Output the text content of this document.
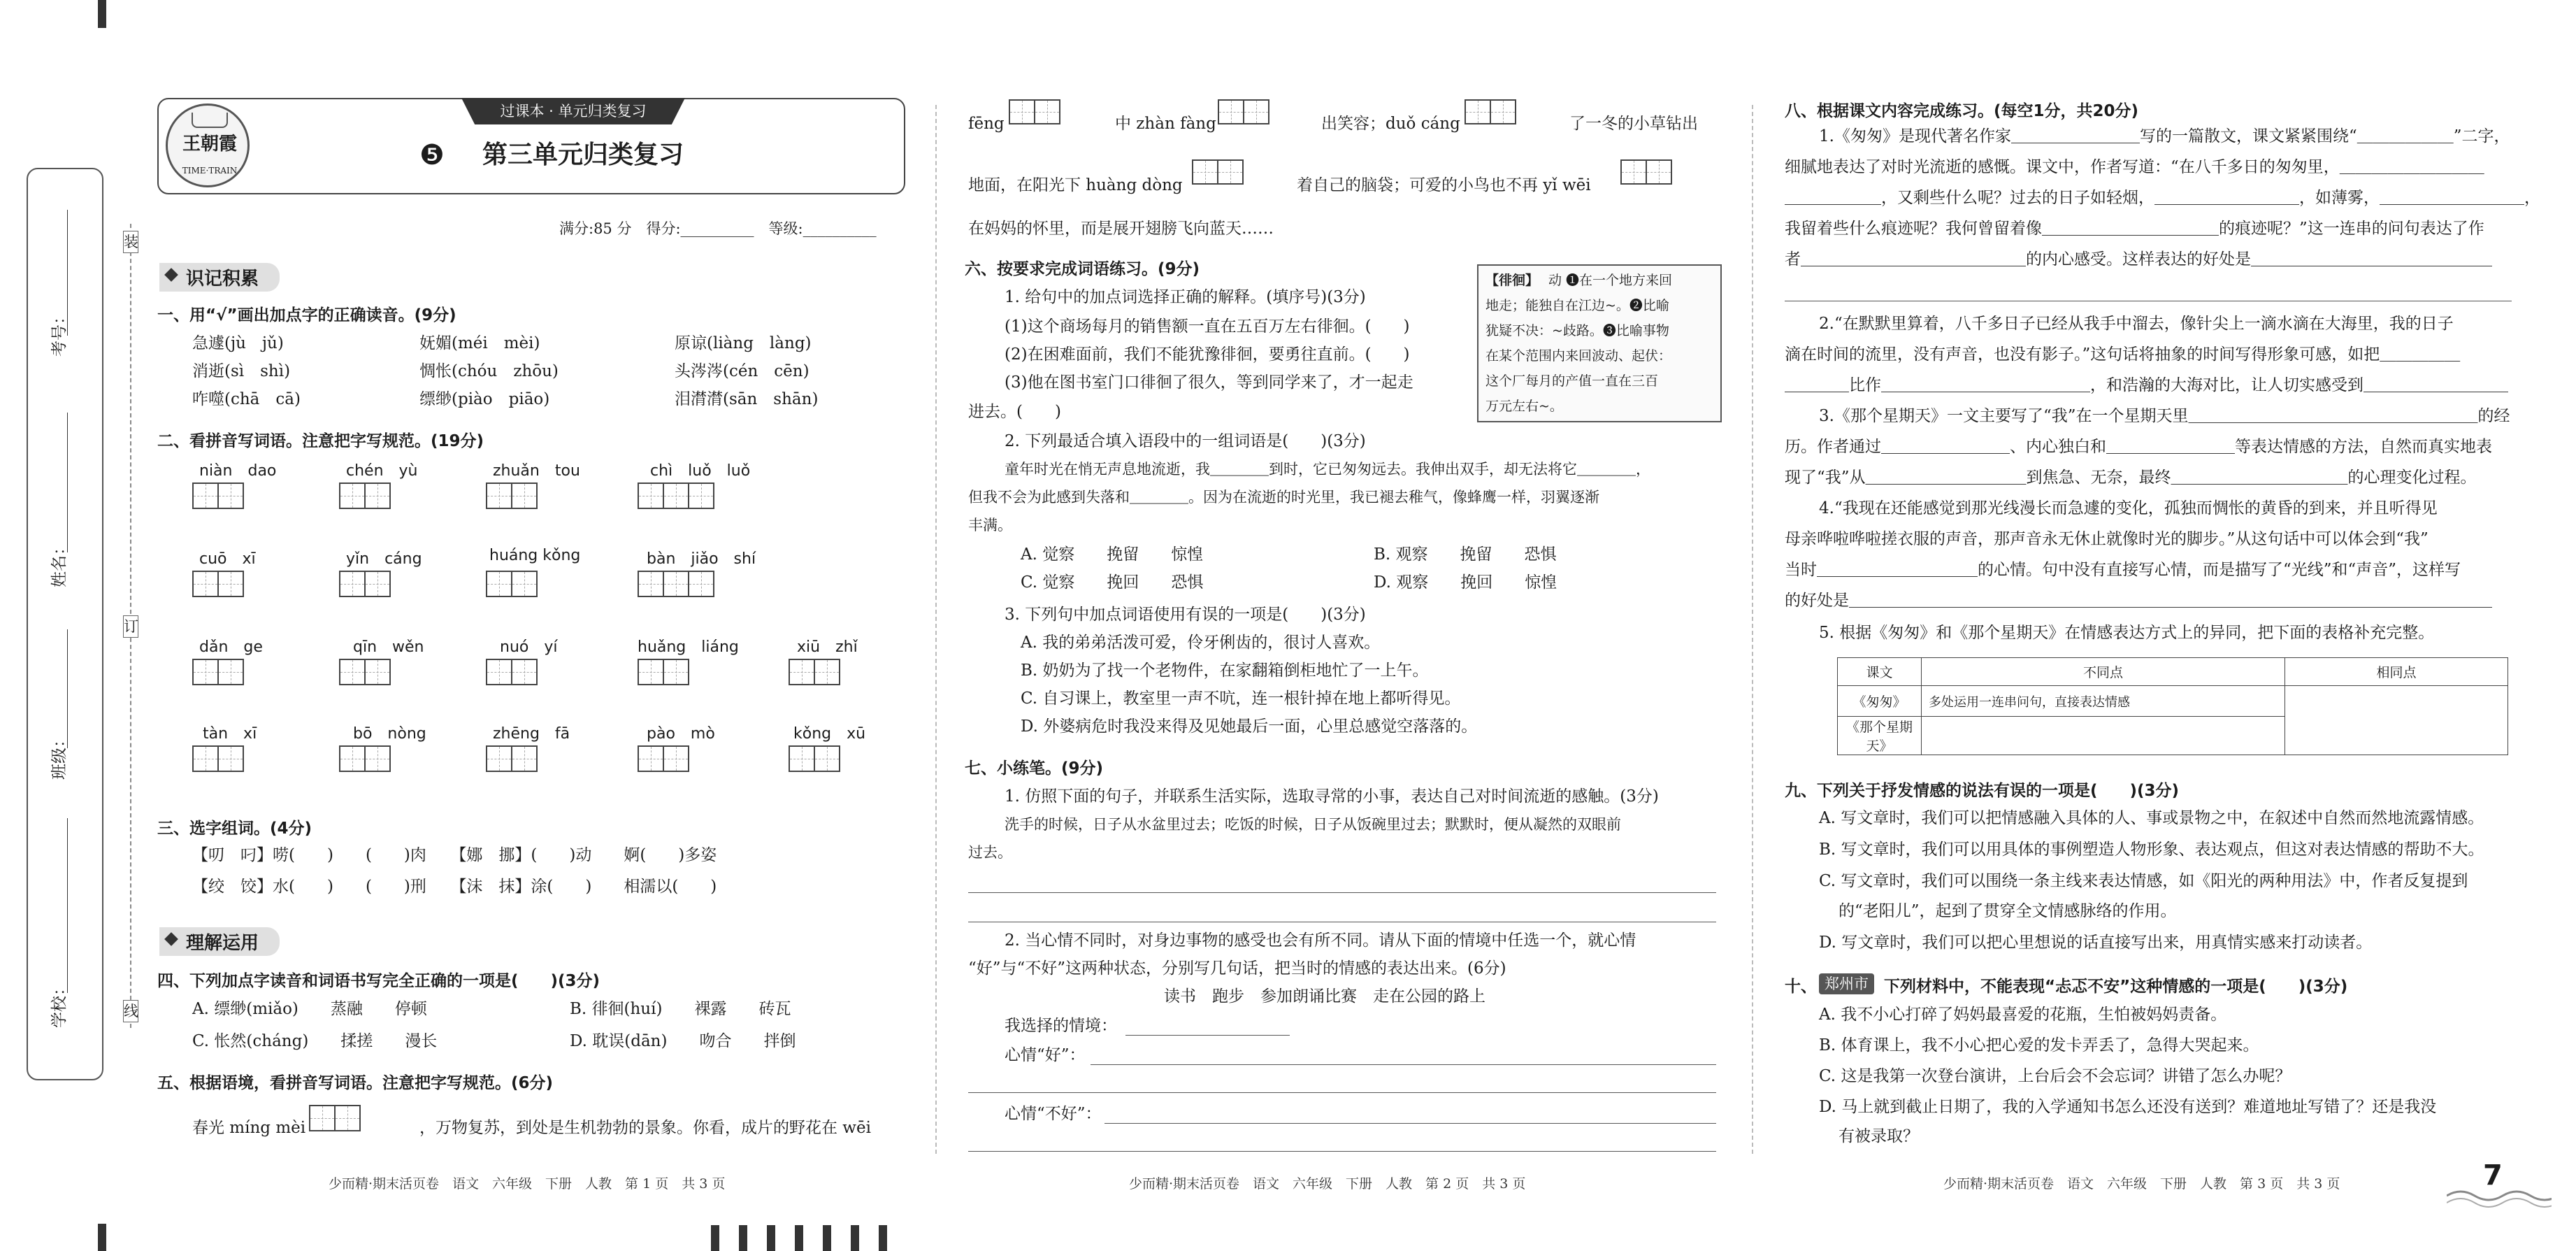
装
订
线
考号：
姓名：
班级：
学校：
过课本 · 单元归类复习
王朝霞
TIME·TRAIN	❺ 第三单元归类复习
满分:85 分　得分:__________　等级:__________
识记积累
一、用“√”画出加点字的正确读音。(9分)
急遽(jù　jǔ)	妩媚(méi　mèi)	原谅(liàng　làng)
消逝(sì　shì)	惆怅(chóu　zhōu)	头涔涔(cén　cēn)
咋噬(chā　cā)	缥缈(piào　piāo)	泪潸潸(sān　shān)
二、看拼音写词语。注意把字写规范。(19分)
niàn　dao	chén　yù	zhuǎn　tou	chì　luǒ　luǒ
cuō　xī	yǐn　cáng	huáng kǒng	bàn　jiǎo　shí
dǎn　ge	qīn　wěn	nuó　yí	huǎng　liáng	xiū　zhǐ
tàn　xī	bō　nòng	zhēng　fā	pào　mò	kǒng　xū
三、选字组词。(4分)
【叨　叼】唠(　　)　　(　　)肉　　【娜　挪】(　　)动　　婀(　　)多姿
【绞　饺】水(　　)　　(　　)刑　　【沫　抹】涂(　　)　　相濡以(　　)
理解运用
四、下列加点字读音和词语书写完全正确的一项是(　　)(3分)
A. 缥缈(miǎo)　　蒸融　　停顿	B. 徘徊(huí)　　裸露　　砖瓦
C. 怅然(cháng)　　揉搓　　漫长	D. 耽误(dān)　　吻合　　拌倒
五、根据语境，看拼音写词语。注意把字写规范。(6分)
春光 míng mèi	，万物复苏，到处是生机勃勃的景象。你看，成片的野花在 wēi
少而精·期末活页卷　语文　六年级　下册　人教　第 1 页　共 3 页
fēng	中 zhàn fàng	出笑容；duǒ cáng	了一冬的小草钻出
地面，在阳光下 huàng dòng	着自己的脑袋；可爱的小鸟也不再 yǐ wēi
在妈妈的怀里，而是展开翅膀飞向蓝天……
六、按要求完成词语练习。(9分)
1. 给句中的加点词选择正确的解释。(填序号)(3分)
(1)这个商场每月的销售额一直在五百万左右徘徊。(　　)
(2)在困难面前，我们不能犹豫徘徊，要勇往直前。(　　)
(3)他在图书室门口徘徊了很久，等到同学来了，才一起走
进去。(　　)
【徘徊】 动 ❶在一个地方来回
地走；能独自在江边~。❷比喻
犹疑不决：~歧路。❸比喻事物
在某个范围内来回波动、起伏：
这个厂每月的产值一直在三百
万元左右~。
2. 下列最适合填入语段中的一组词语是(　　)(3分)
童年时光在悄无声息地流逝，我＿＿＿＿到时，它已匆匆远去。我伸出双手，却无法将它＿＿＿＿，
但我不会为此感到失落和＿＿＿＿。因为在流逝的时光里，我已褪去稚气，像蜂鹰一样，羽翼逐渐
丰满。
A. 觉察　　挽留　　惊惶	B. 观察　　挽留　　恐惧
C. 觉察　　挽回　　恐惧	D. 观察　　挽回　　惊惶
3. 下列句中加点词语使用有误的一项是(　　)(3分)
A. 我的弟弟活泼可爱，伶牙俐齿的，很讨人喜欢。
B. 奶奶为了找一个老物件，在家翻箱倒柜地忙了一上午。
C. 自习课上，教室里一声不吭，连一根针掉在地上都听得见。
D. 外婆病危时我没来得及见她最后一面，心里总感觉空落落的。
七、小练笔。(9分)
1. 仿照下面的句子，并联系生活实际，选取寻常的小事，表达自己对时间流逝的感触。(3分)
洗手的时候，日子从水盆里过去；吃饭的时候，日子从饭碗里过去；默默时，便从凝然的双眼前
过去。
2. 当心情不同时，对身边事物的感受也会有所不同。请从下面的情境中任选一个，就心情
“好”与“不好”这两种状态，分别写几句话，把当时的情感的表达出来。(6分)
读书　跑步　参加朗诵比赛　走在公园的路上
我选择的情境：
心情“好”：
心情“不好”：
少而精·期末活页卷　语文　六年级　下册　人教　第 2 页　共 3 页
八、根据课文内容完成练习。(每空1分，共20分)
1.《匆匆》是现代著名作家＿＿＿＿＿＿＿＿写的一篇散文，课文紧紧围绕“＿＿＿＿＿＿”二字，
细腻地表达了对时光流逝的感慨。课文中，作者写道：“在八千多日的匆匆里，＿＿＿＿＿＿＿＿＿
＿＿＿＿＿＿，又剩些什么呢？过去的日子如轻烟，＿＿＿＿＿＿＿＿＿，如薄雾，＿＿＿＿＿＿＿＿＿，
我留着些什么痕迹呢？我何曾留着像＿＿＿＿＿＿＿＿＿＿＿的痕迹呢？”这一连串的问句表达了作
者＿＿＿＿＿＿＿＿＿＿＿＿＿＿的内心感受。这样表达的好处是＿＿＿＿＿＿＿＿＿＿＿＿＿＿＿
2.“在默默里算着，八千多日子已经从我手中溜去，像针尖上一滴水滴在大海里，我的日子
滴在时间的流里，没有声音，也没有影子。”这句话将抽象的时间写得形象可感，如把＿＿＿＿＿
＿＿＿＿比作＿＿＿＿＿＿＿＿＿＿＿＿＿，和浩瀚的大海对比，让人切实感受到＿＿＿＿＿＿＿＿＿
3.《那个星期天》一文主要写了“我”在一个星期天里＿＿＿＿＿＿＿＿＿＿＿＿＿＿＿＿＿＿的经
历。作者通过＿＿＿＿＿＿＿＿、内心独白和＿＿＿＿＿＿＿＿等表达情感的方法，自然而真实地表
现了“我”从＿＿＿＿＿＿＿＿＿＿到焦急、无奈，最终＿＿＿＿＿＿＿＿＿＿＿的心理变化过程。
4.“我现在还能感觉到那光线漫长而急遽的变化，孤独而惆怅的黄昏的到来，并且听得见
母亲哗啦哗啦搓衣服的声音，那声音永无休止就像时光的脚步。”从这句话中可以体会到“我”
当时＿＿＿＿＿＿＿＿＿＿的心情。句中没有直接写心情，而是描写了“光线”和“声音”，这样写
的好处是＿＿＿＿＿＿＿＿＿＿＿＿＿＿＿＿＿＿＿＿＿＿＿＿＿＿＿＿＿＿＿＿＿＿＿＿＿＿＿＿
5. 根据《匆匆》和《那个星期天》在情感表达方式上的异同，把下面的表格补充完整。
课文	不同点	相同点
《匆匆》	多处运用一连串问句，直接表达情感	
《那个星期天》		
九、下列关于抒发情感的说法有误的一项是(　　)(3分)
A. 写文章时，我们可以把情感融入具体的人、事或景物之中，在叙述中自然而然地流露情感。
B. 写文章时，我们可以用具体的事例塑造人物形象、表达观点，但这对表达情感的帮助不大。
C. 写文章时，我们可以围绕一条主线来表达情感，如《阳光的两种用法》中，作者反复提到
的“老阳儿”，起到了贯穿全文情感脉络的作用。
D. 写文章时，我们可以把心里想说的话直接写出来，用真情实感来打动读者。
十、 郑州市 下列材料中，不能表现“忐忑不安”这种情感的一项是(　　)(3分)
A. 我不小心打碎了妈妈最喜爱的花瓶，生怕被妈妈责备。
B. 体育课上，我不小心把心爱的发卡弄丢了，急得大哭起来。
C. 这是我第一次登台演讲，上台后会不会忘词？讲错了怎么办呢？
D. 马上就到截止日期了，我的入学通知书怎么还没有送到？难道地址写错了？还是我没
有被录取？
少而精·期末活页卷　语文　六年级　下册　人教　第 3 页　共 3 页	7
